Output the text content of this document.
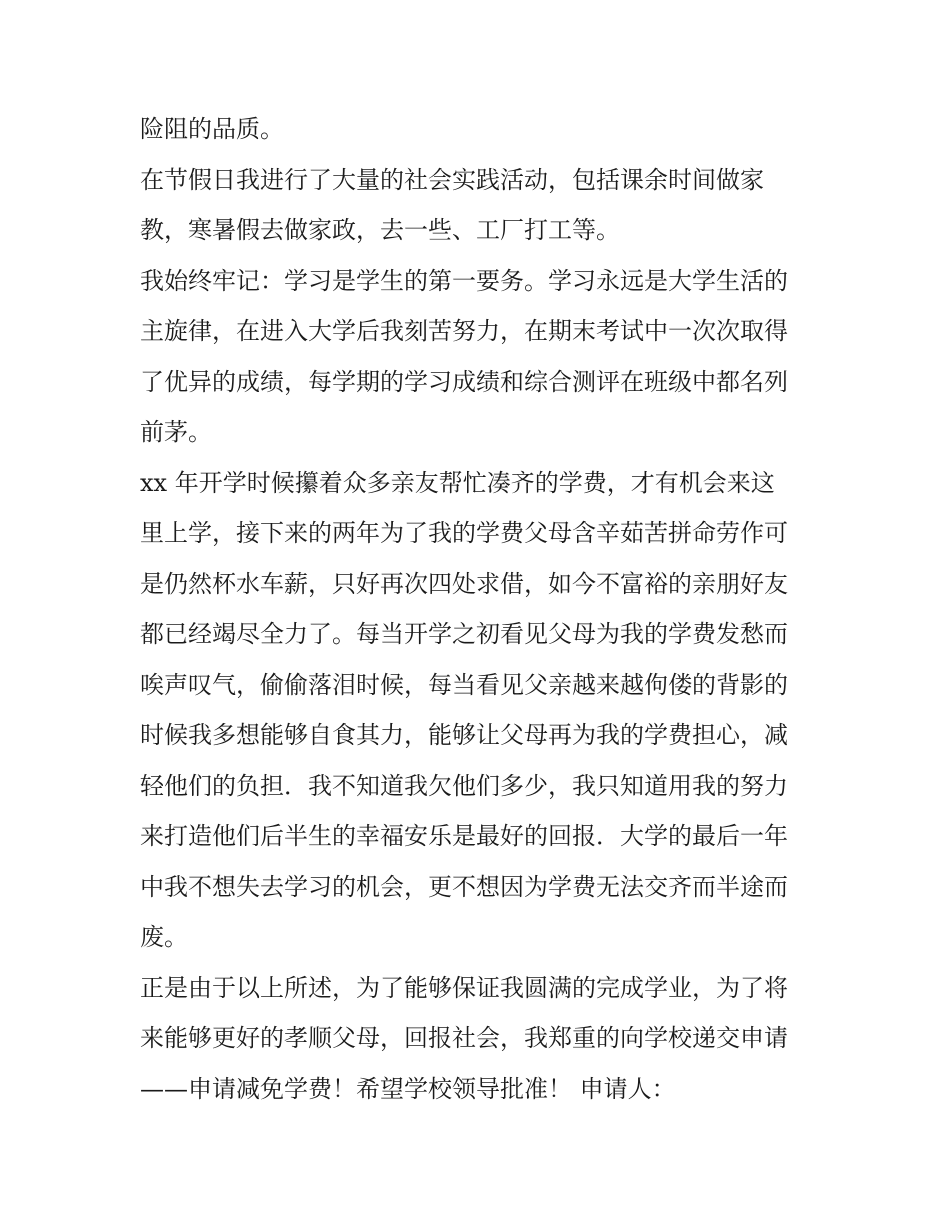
险阻的品质。
在节假日我进行了大量的社会实践活动，包括课余时间做家
教，寒暑假去做家政，去一些、工厂打工等。
我始终牢记：学习是学生的第一要务。学习永远是大学生活的
主旋律，在进入大学后我刻苦努力，在期末考试中一次次取得
了优异的成绩，每学期的学习成绩和综合测评在班级中都名列
前茅。
xx 年开学时候攥着众多亲友帮忙凑齐的学费，才有机会来这
里上学，接下来的两年为了我的学费父母含辛茹苦拼命劳作可
是仍然杯水车薪，只好再次四处求借，如今不富裕的亲朋好友
都已经竭尽全力了。每当开学之初看见父母为我的学费发愁而
唉声叹气，偷偷落泪时候，每当看见父亲越来越佝偻的背影的
时候我多想能够自食其力，能够让父母再为我的学费担心，减
轻他们的负担．我不知道我欠他们多少，我只知道用我的努力
来打造他们后半生的幸福安乐是最好的回报．大学的最后一年
中我不想失去学习的机会，更不想因为学费无法交齐而半途而
废。
正是由于以上所述，为了能够保证我圆满的完成学业，为了将
来能够更好的孝顺父母，回报社会，我郑重的向学校递交申请
——申请减免学费！希望学校领导批准！ 申请人：
